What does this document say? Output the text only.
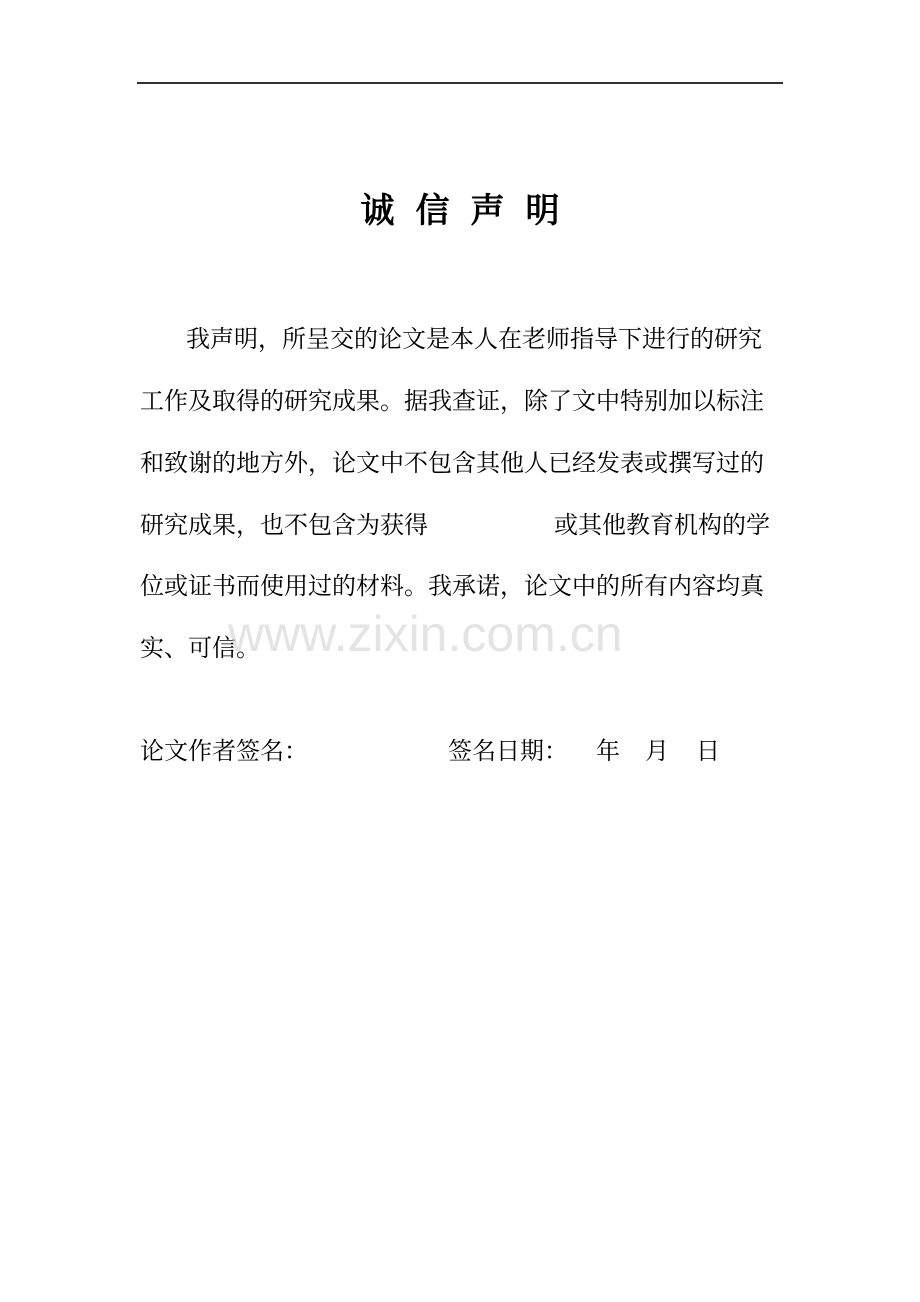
诚信声明
我声明，所呈交的论文是本人在老师指导下进行的研究
工作及取得的研究成果。据我查证，除了文中特别加以标注
和致谢的地方外，论文中不包含其他人已经发表或撰写过的
研究成果，也不包含为获得	或其他教育机构的学
位或证书而使用过的材料。我承诺，论文中的所有内容均真
实、可信。
论文作者签名：	签名日期： 年 月 日
www.zixin.com.cn
